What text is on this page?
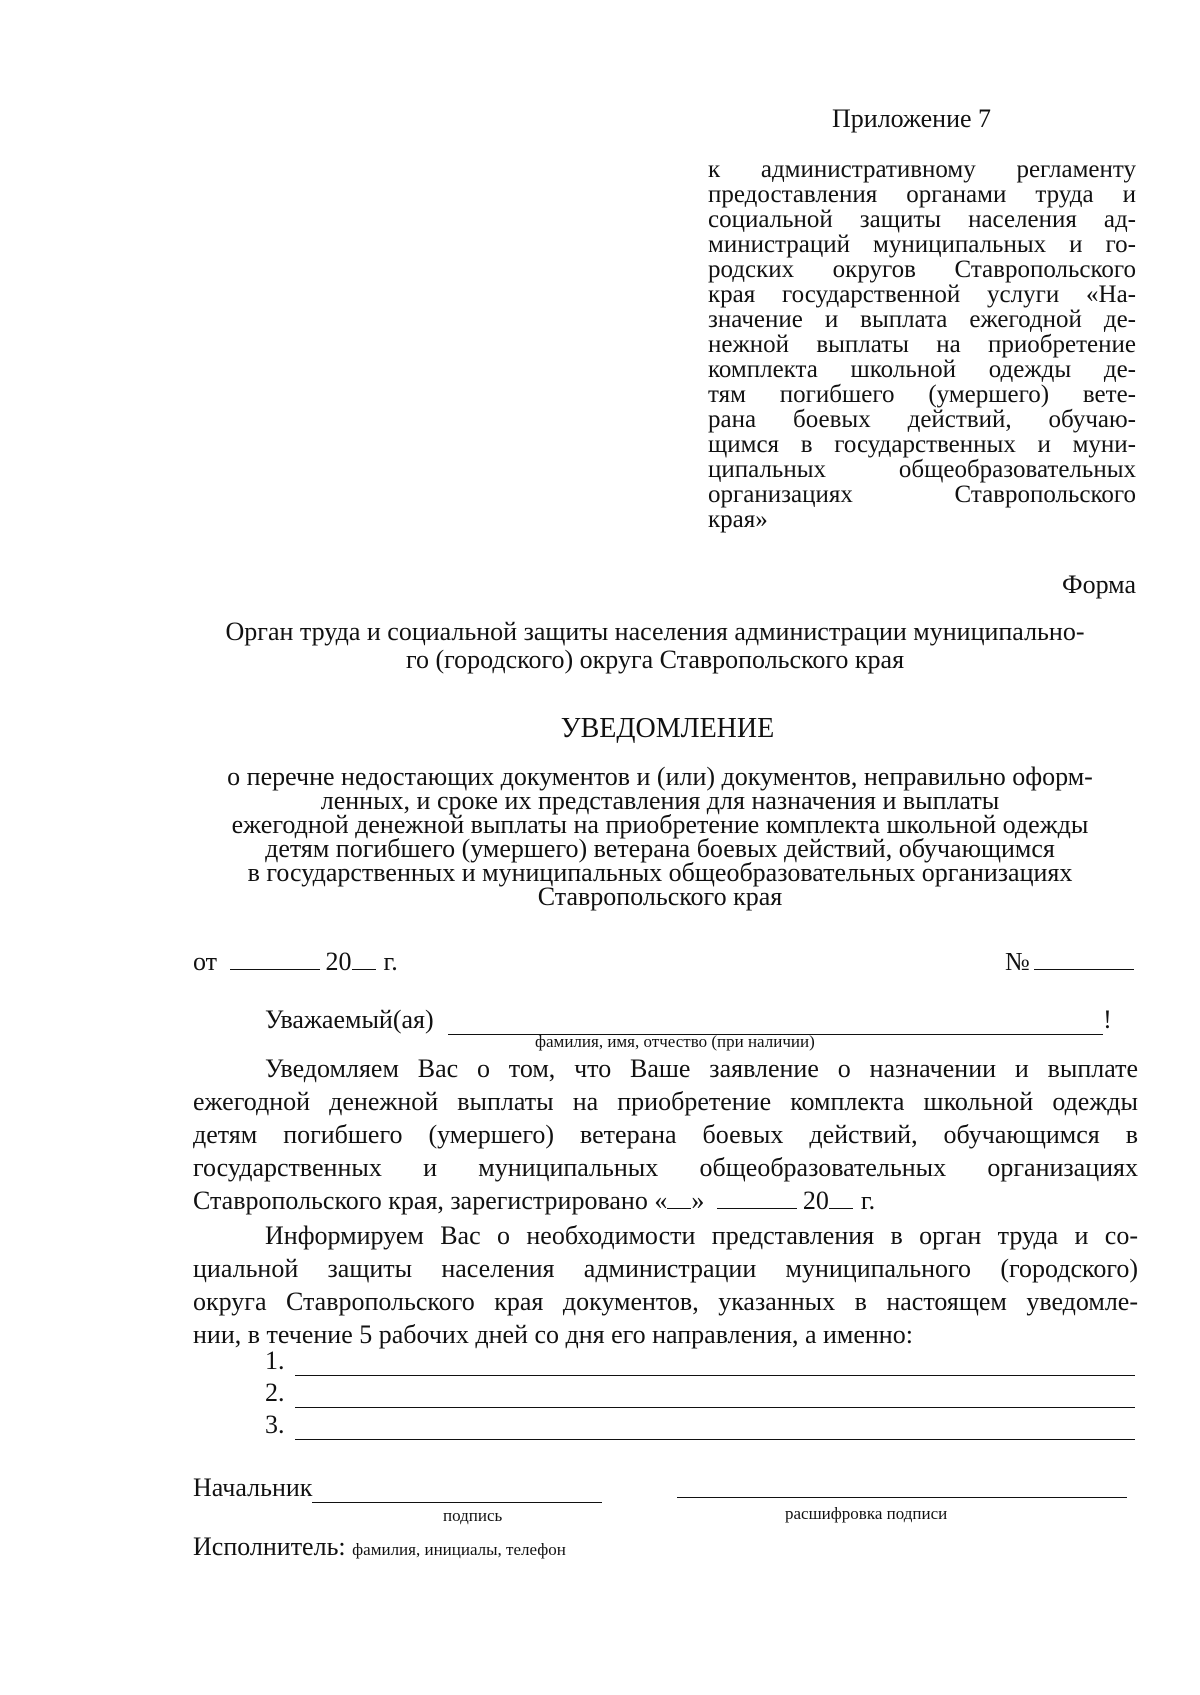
Приложение 7
к административному регламенту
предоставления органами труда и
социальной защиты населения ад-
министраций муниципальных и го-
родских округов Ставропольского
края государственной услуги «На-
значение и выплата ежегодной де-
нежной выплаты на приобретение
комплекта школьной одежды де-
тям погибшего (умершего) вете-
рана боевых действий, обучаю-
щимся в государственных и муни-
ципальных общеобразовательных
организациях Ставропольского
края»
Форма
Орган труда и социальной защиты населения администрации муниципально-
го (городского) округа Ставропольского края
УВЕДОМЛЕНИЕ
о перечне недостающих документов и (или) документов, неправильно оформ-
ленных, и сроке их представления для назначения и выплаты
ежегодной денежной выплаты на приобретение комплекта школьной одежды
детям погибшего (умершего) ветерана боевых действий, обучающимся
в государственных и муниципальных общеобразовательных организациях
Ставропольского края
от	20 г.	№
Уважаемый(ая)	!
фамилия, имя, отчество (при наличии)
Уведомляем Вас о том, что Ваше заявление о назначении и выплате
ежегодной денежной выплаты на приобретение комплекта школьной одежды
детям погибшего (умершего) ветерана боевых действий, обучающимся в
государственных и муниципальных общеобразовательных организациях
Ставропольского края, зарегистрировано « »	20 г.
Информируем Вас о необходимости представления в орган труда и со-
циальной защиты населения администрации муниципального (городского)
округа Ставропольского края документов, указанных в настоящем уведомле-
нии, в течение 5 рабочих дней со дня его направления, а именно:
1.
2.
3.
Начальник
подпись	расшифровка подписи
Исполнитель: фамилия, инициалы, телефон
